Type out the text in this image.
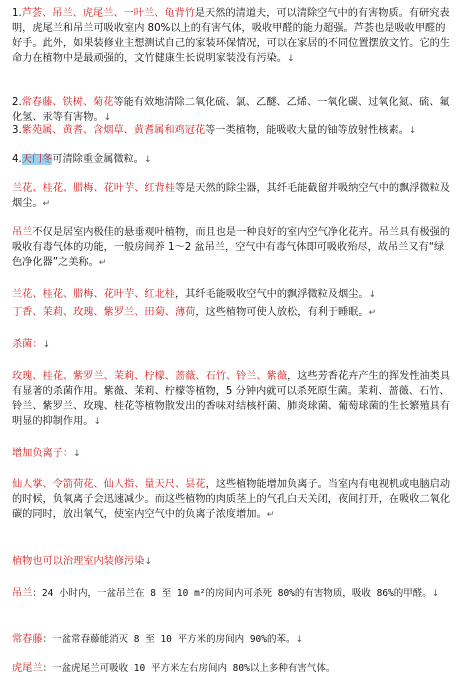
1.芦荟、吊兰、虎尾兰、一叶兰、龟背竹是天然的清道夫，可以清除空气中的有害物质。有研究表明，虎尾兰和吊兰可吸收室内 80%以上的有害气体，吸收甲醛的能力超强。芦荟也是吸收甲醛的好手。此外，如果装修业主想测试自己的家装环保情况，可以在家居的不同位置摆放文竹。它的生命力在植物中是最顽强的，文竹健康生长说明家装没有污染。↓

2.常春藤、铁树、菊花等能有效地清除二氧化硫、氯、乙醚、乙烯、一氧化碳、过氧化氮、硫、氟化氢、汞等有害物。↓

3.紫苑属、黄耆、含烟草、黄耆属和鸡冠花等一类植物，能吸收大量的铀等放射性核素。↓

4.天门冬可清除重金属微粒。↓

兰花、桂花、腊梅、花叶芋、红背桂等是天然的除尘器，其纤毛能截留并吸纳空气中的飘浮微粒及烟尘。↵

吊兰不仅是居室内极佳的悬垂观叶植物，而且也是一种良好的室内空气净化花卉。吊兰具有极强的吸收有毒气体的功能，一般房间养 1～2 盆吊兰，空气中有毒气体即可吸收殆尽，故吊兰又有“绿色净化器”之美称。↵

兰花、桂花、腊梅、花叶芋、红北桂，其纤毛能吸收空气中的飘浮微粒及烟尘。↓

丁香、茉莉、玫瑰、紫罗兰、田菊、薄荷，这些植物可使人放松，有利于睡眠。↵

杀菌：↓

玫瑰、桂花、紫罗兰、茉莉、柠檬、蔷薇、石竹、铃兰、紫薇，这些芳香花卉产生的挥发性油类具有显著的杀菌作用。紫薇、茉莉、柠檬等植物，5 分钟内就可以杀死原生菌。茉莉、蔷薇、石竹、铃兰、紫罗兰、玫瑰、桂花等植物散发出的香味对结核杆菌、肺炎球菌、葡萄球菌的生长繁殖具有明显的抑制作用。↓

增加负离子：↓

仙人掌、令箭荷花、仙人指、量天尺、昙花，这些植物能增加负离子。当室内有电视机或电脑启动的时候，负氧离子会迅速减少。而这些植物的肉质茎上的气孔白天关闭，夜间打开，在吸收二氧化碳的同时，放出氧气，使室内空气中的负离子浓度增加。↵

植物也可以治理室内装修污染↓

吊兰：24 小时内，一盆吊兰在 8 至 10 m²的房间内可杀死 80%的有害物质，吸收 86%的甲醛。↓

常春藤：一盆常春藤能消灭 8 至 10 平方米的房间内 90%的苯。↓

虎尾兰：一盆虎尾兰可吸收 10 平方米左右房间内 80%以上多种有害气体。
